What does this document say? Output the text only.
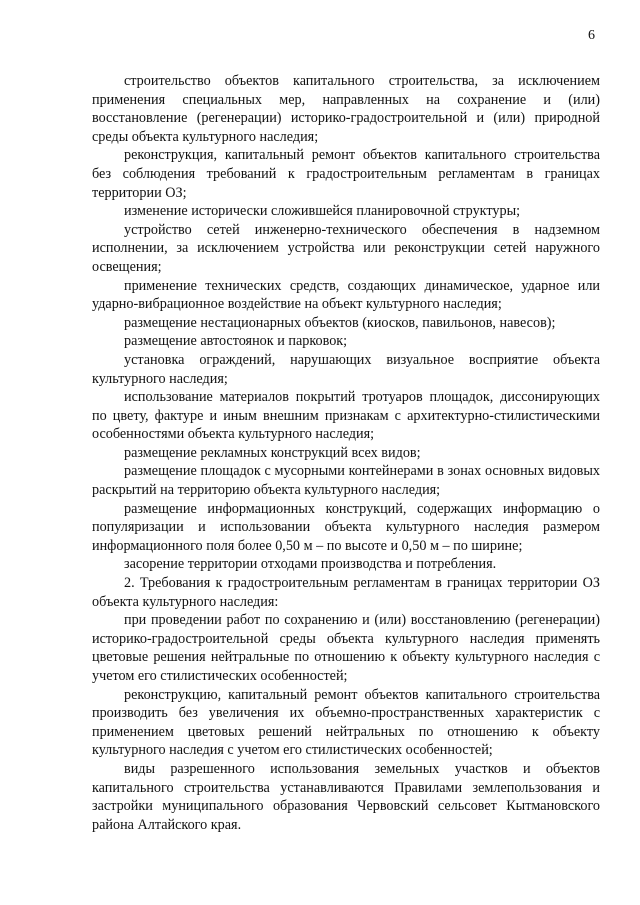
6

строительство объектов капитального строительства, за исключением применения специальных мер, направленных на сохранение и (или) восстановление (регенерации) историко-градостроительной и (или) природной среды объекта культурного наследия;

реконструкция, капитальный ремонт объектов капитального строительства без соблюдения требований к градостроительным регламентам в границах территории ОЗ;

изменение исторически сложившейся планировочной структуры;

устройство сетей инженерно-технического обеспечения в надземном исполнении, за исключением устройства или реконструкции сетей наружного освещения;

применение технических средств, создающих динамическое, ударное или ударно-вибрационное воздействие на объект культурного наследия;

размещение нестационарных объектов (киосков, павильонов, навесов);

размещение автостоянок и парковок;

установка ограждений, нарушающих визуальное восприятие объекта культурного наследия;

использование материалов покрытий тротуаров площадок, диссонирующих по цвету, фактуре и иным внешним признакам с архитектурно-стилистическими особенностями объекта культурного наследия;

размещение рекламных конструкций всех видов;

размещение площадок с мусорными контейнерами в зонах основных видовых раскрытий на территорию объекта культурного наследия;

размещение информационных конструкций, содержащих информацию о популяризации и использовании объекта культурного наследия размером информационного поля более 0,50 м – по высоте и 0,50 м – по ширине;

засорение территории отходами производства и потребления.

2. Требования к градостроительным регламентам в границах территории ОЗ объекта культурного наследия:

при проведении работ по сохранению и (или) восстановлению (регенерации) историко-градостроительной среды объекта культурного наследия применять цветовые решения нейтральные по отношению к объекту культурного наследия с учетом его стилистических особенностей;

реконструкцию, капитальный ремонт объектов капитального строительства производить без увеличения их объемно-пространственных характеристик с применением цветовых решений нейтральных по отношению к объекту культурного наследия с учетом его стилистических особенностей;

виды разрешенного использования земельных участков и объектов капитального строительства устанавливаются Правилами землепользования и застройки муниципального образования Червовский сельсовет Кытмановского района Алтайского края.
